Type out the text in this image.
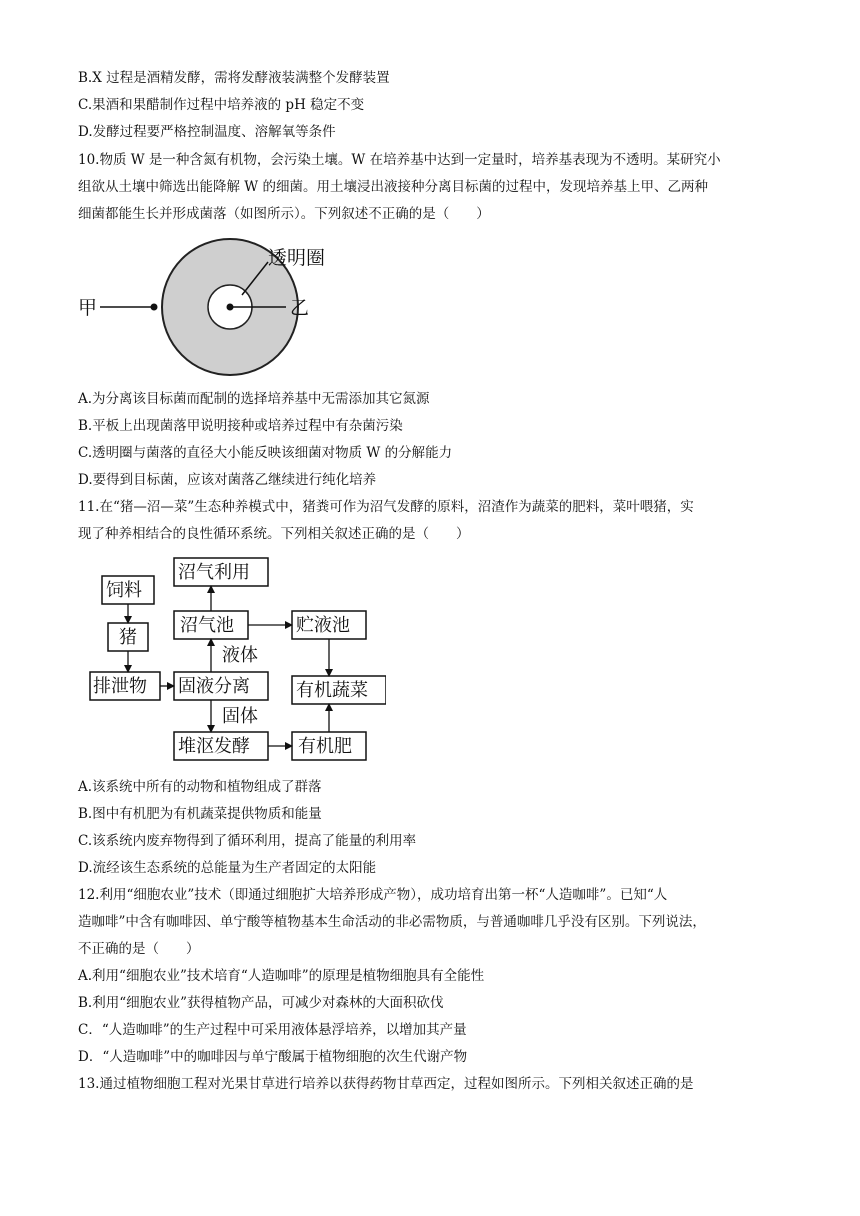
B.X 过程是酒精发酵，需将发酵液装满整个发酵装置
C.果酒和果醋制作过程中培养液的 pH 稳定不变
D.发酵过程要严格控制温度、溶解氧等条件
10.物质 W 是一种含氮有机物，会污染土壤。W 在培养基中达到一定量时，培养基表现为不透明。某研究小
组欲从土壤中筛选出能降解 W 的细菌。用土壤浸出液接种分离目标菌的过程中，发现培养基上甲、乙两种
细菌都能生长并形成菌落（如图所示）。下列叙述不正确的是（　　）
透明圈
甲	乙
A.为分离该目标菌而配制的选择培养基中无需添加其它氮源
B.平板上出现菌落甲说明接种或培养过程中有杂菌污染
C.透明圈与菌落的直径大小能反映该细菌对物质 W 的分解能力
D.要得到目标菌，应该对菌落乙继续进行纯化培养
11.在“猪—沼—菜”生态种养模式中，猪粪可作为沼气发酵的原料，沼渣作为蔬菜的肥料，菜叶喂猪，实
现了种养相结合的良性循环系统。下列相关叙述正确的是（　　）
饲料
猪
排泄物 固液分离
沼气利用
沼气池	贮液池
有机蔬菜
堆沤发酵	有机肥
液体
固体
A.该系统中所有的动物和植物组成了群落
B.图中有机肥为有机蔬菜提供物质和能量
C.该系统内废弃物得到了循环利用，提高了能量的利用率
D.流经该生态系统的总能量为生产者固定的太阳能
12.利用“细胞农业”技术（即通过细胞扩大培养形成产物），成功培育出第一杯“人造咖啡”。已知“人
造咖啡”中含有咖啡因、单宁酸等植物基本生命活动的非必需物质，与普通咖啡几乎没有区别。下列说法，
不正确的是（　　）
A.利用“细胞农业”技术培育“人造咖啡”的原理是植物细胞具有全能性
B.利用“细胞农业”获得植物产品，可减少对森林的大面积砍伐
C．“人造咖啡”的生产过程中可采用液体悬浮培养，以增加其产量
D．“人造咖啡”中的咖啡因与单宁酸属于植物细胞的次生代谢产物
13.通过植物细胞工程对光果甘草进行培养以获得药物甘草西定，过程如图所示。下列相关叙述正确的是
